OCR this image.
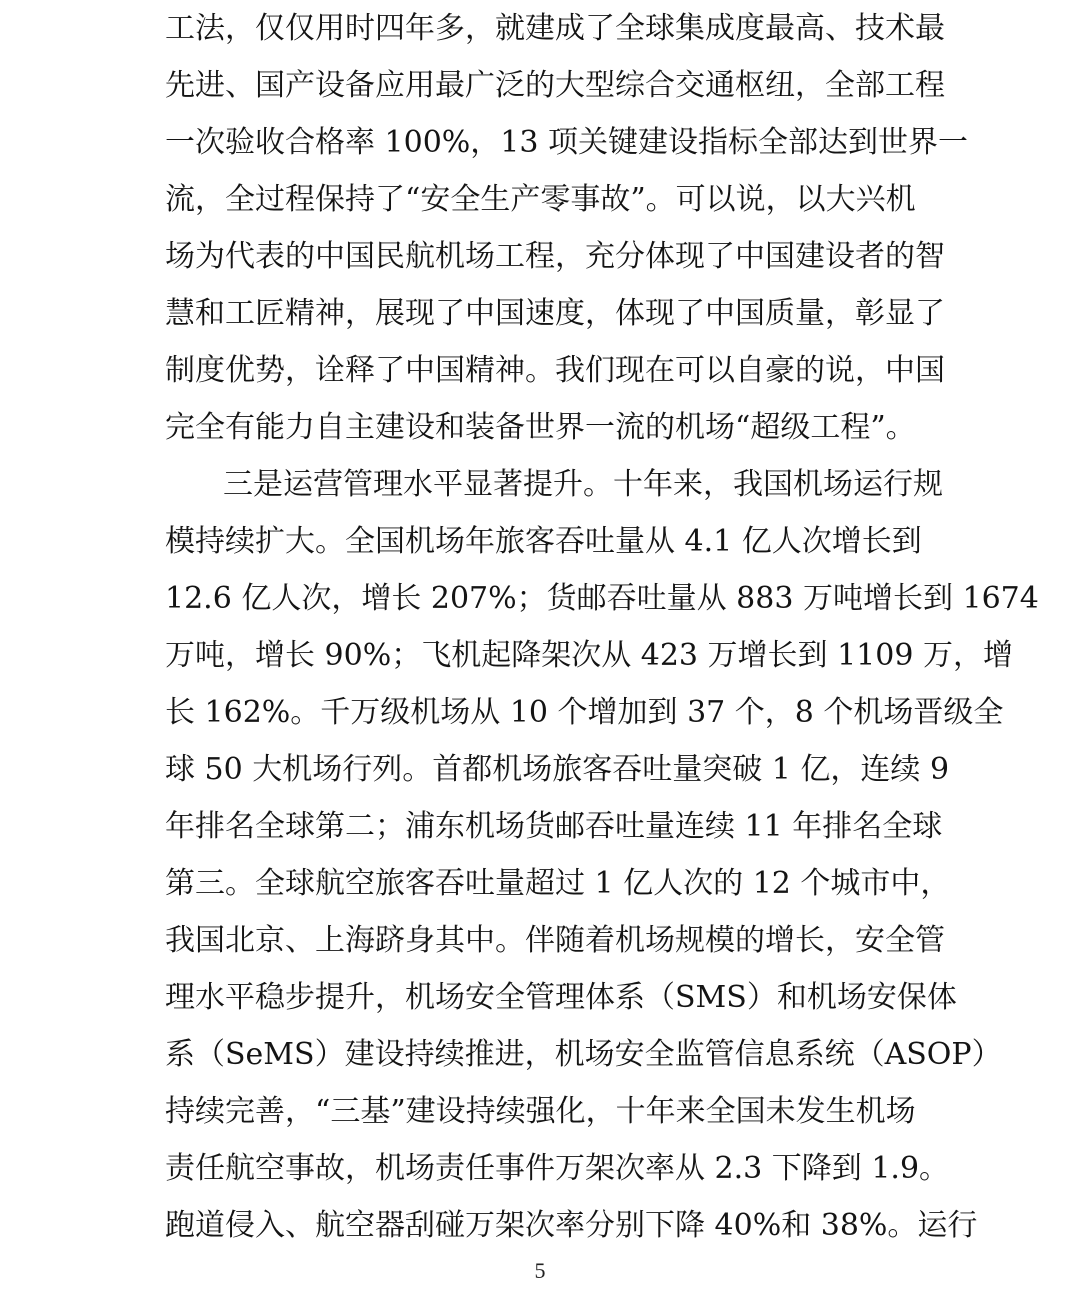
工法，仅仅用时四年多，就建成了全球集成度最高、技术最
先进、国产设备应用最广泛的大型综合交通枢纽，全部工程
一次验收合格率 100%，13 项关键建设指标全部达到世界一
流，全过程保持了“安全生产零事故”。可以说，以大兴机
场为代表的中国民航机场工程，充分体现了中国建设者的智
慧和工匠精神，展现了中国速度，体现了中国质量，彰显了
制度优势，诠释了中国精神。我们现在可以自豪的说，中国
完全有能力自主建设和装备世界一流的机场“超级工程”。
三是运营管理水平显著提升。十年来，我国机场运行规
模持续扩大。全国机场年旅客吞吐量从 4.1 亿人次增长到
12.6 亿人次，增长 207%；货邮吞吐量从 883 万吨增长到 1674
万吨，增长 90%；飞机起降架次从 423 万增长到 1109 万，增
长 162%。千万级机场从 10 个增加到 37 个，8 个机场晋级全
球 50 大机场行列。首都机场旅客吞吐量突破 1 亿，连续 9
年排名全球第二；浦东机场货邮吞吐量连续 11 年排名全球
第三。全球航空旅客吞吐量超过 1 亿人次的 12 个城市中，
我国北京、上海跻身其中。伴随着机场规模的增长，安全管
理水平稳步提升，机场安全管理体系（SMS）和机场安保体
系（SeMS）建设持续推进，机场安全监管信息系统（ASOP）
持续完善，“三基”建设持续强化，十年来全国未发生机场
责任航空事故，机场责任事件万架次率从 2.3 下降到 1.9。
跑道侵入、航空器刮碰万架次率分别下降 40%和 38%。运行
5
